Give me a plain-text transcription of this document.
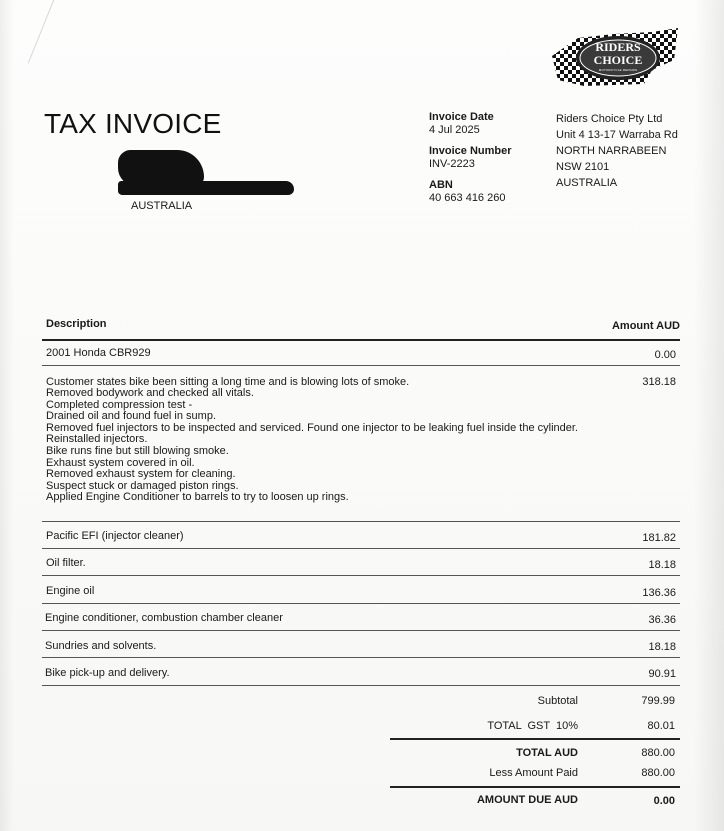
RIDERS
CHOICE
MOTORCYCLE REPAIRS
TAX INVOICE
AUSTRALIA
Invoice Date
4 Jul 2025
Invoice Number
INV-2223
ABN
40 663 416 260
Riders Choice Pty Ltd
Unit 4 13-17 Warraba Rd
NORTH NARRABEEN
NSW 2101
AUSTRALIA
Description	Amount AUD
2001 Honda CBR929	0.00
Customer states bike been sitting a long time and is blowing lots of smoke.	318.18
Removed bodywork and checked all vitals.
Completed compression test -
Drained oil and found fuel in sump.
Removed fuel injectors to be inspected and serviced. Found one injector to be leaking fuel inside the cylinder.
Reinstalled injectors.
Bike runs fine but still blowing smoke.
Exhaust system covered in oil.
Removed exhaust system for cleaning.
Suspect stuck or damaged piston rings.
Applied Engine Conditioner to barrels to try to loosen up rings.
Pacific EFI (injector cleaner)	181.82
Oil filter.	18.18
Engine oil	136.36
Engine conditioner, combustion chamber cleaner	36.36
Sundries and solvents.	18.18
Bike pick-up and delivery.	90.91
Subtotal	799.99
TOTAL  GST  10%	80.01
TOTAL AUD	880.00
Less Amount Paid	880.00
AMOUNT DUE AUD	0.00
